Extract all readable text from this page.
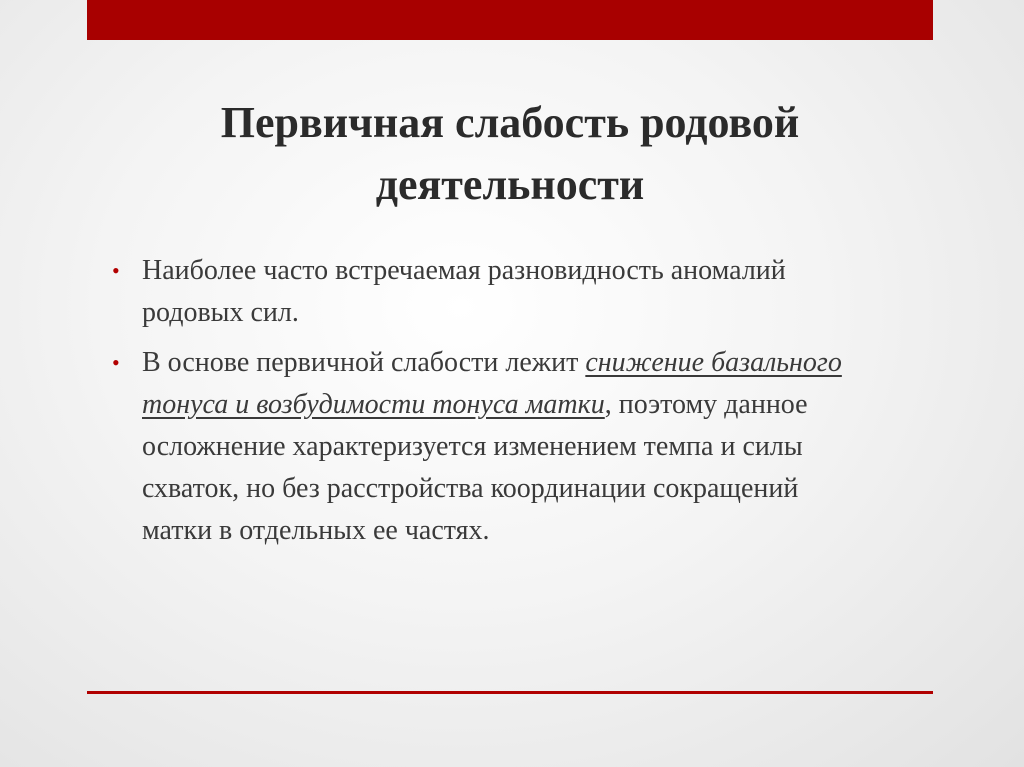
Первичная слабость родовой
деятельности
• Наиболее часто встречаемая разновидность аномалий родовых сил.
• В основе первичной слабости лежит снижение базального тонуса и возбудимости тонуса матки, поэтому данное осложнение характеризуется изменением темпа и силы схваток, но без расстройства координации сокращений матки в отдельных ее частях.
